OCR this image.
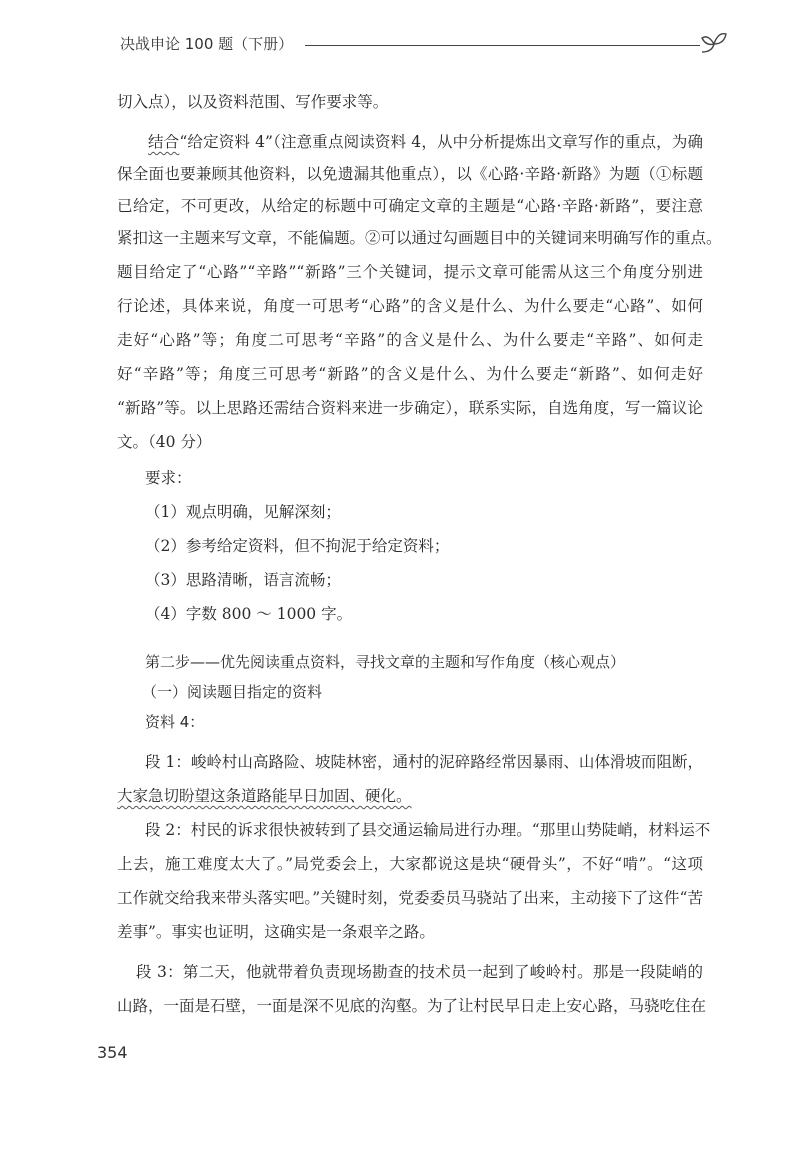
决战申论 100 题（下册）
切入点），以及资料范围、写作要求等。
结合“给定资料 4”（注意重点阅读资料 4，从中分析提炼出文章写作的重点，为确
保全面也要兼顾其他资料，以免遗漏其他重点），以《心路·辛路·新路》为题（①标题
已给定，不可更改，从给定的标题中可确定文章的主题是“心路·辛路·新路”，要注意
紧扣这一主题来写文章，不能偏题。②可以通过勾画题目中的关键词来明确写作的重点。
题目给定了“心路”“辛路”“新路”三个关键词，提示文章可能需从这三个角度分别进
行论述，具体来说，角度一可思考“心路”的含义是什么、为什么要走“心路”、如何
走好“心路”等；角度二可思考“辛路”的含义是什么、为什么要走“辛路”、如何走
好“辛路”等；角度三可思考“新路”的含义是什么、为什么要走“新路”、如何走好
“新路”等。以上思路还需结合资料来进一步确定），联系实际，自选角度，写一篇议论
文。（40 分）
要求：
（1）观点明确，见解深刻；
（2）参考给定资料，但不拘泥于给定资料；
（3）思路清晰，语言流畅；
（4）字数 800 ～ 1000 字。
第二步——优先阅读重点资料，寻找文章的主题和写作角度（核心观点）
（一）阅读题目指定的资料
资料 4：
段 1：峻岭村山高路险、坡陡林密，通村的泥碎路经常因暴雨、山体滑坡而阻断，
大家急切盼望这条道路能早日加固、硬化。
段 2：村民的诉求很快被转到了县交通运输局进行办理。“那里山势陡峭，材料运不
上去，施工难度太大了。”局党委会上，大家都说这是块“硬骨头”，不好“啃”。“这项
工作就交给我来带头落实吧。”关键时刻，党委委员马骁站了出来，主动接下了这件“苦
差事”。事实也证明，这确实是一条艰辛之路。
段 3：第二天，他就带着负责现场勘查的技术员一起到了峻岭村。那是一段陡峭的
山路，一面是石壁，一面是深不见底的沟壑。为了让村民早日走上安心路，马骁吃住在
354
